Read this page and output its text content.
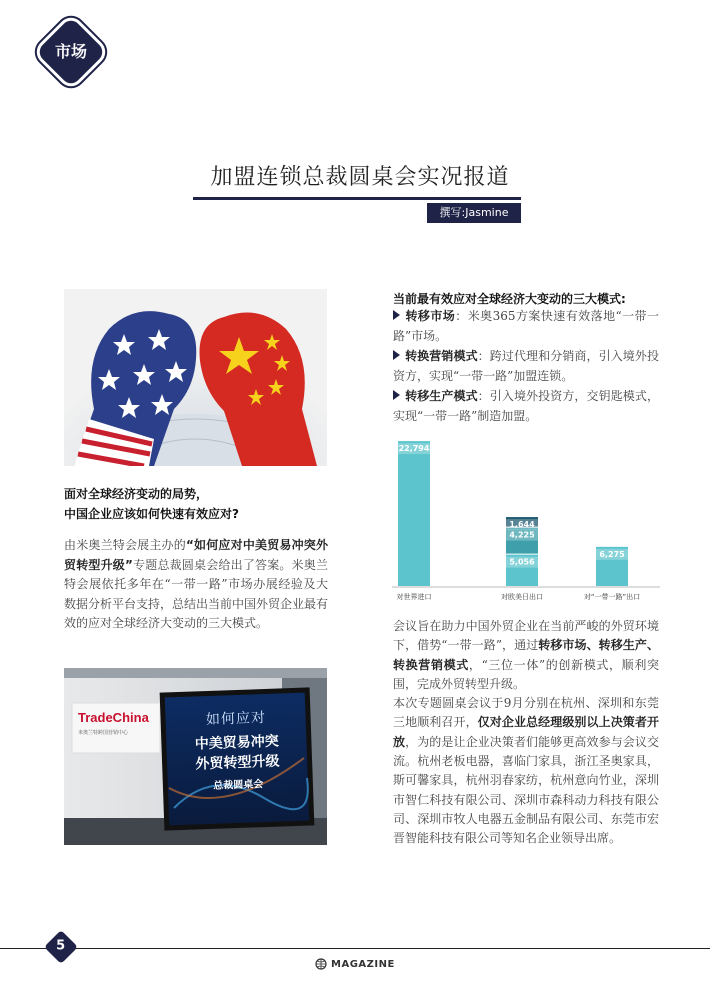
市场
加盟连锁总裁圆桌会实况报道
撰写:Jasmine
面对全球经济变动的局势，
中国企业应该如何快速有效应对?
由米奥兰特会展主办的“如何应对中美贸易冲突外贸转型升级”专题总裁圆桌会给出了答案。米奥兰特会展依托多年在“一带一路”市场办展经验及大数据分析平台支持，总结出当前中国外贸企业最有效的应对全球经济大变动的三大模式。
TradeChina
米奥兰特跨国营销中心
如何应对
中美贸易冲突
外贸转型升级
总裁圆桌会
当前最有效应对全球经济大变动的三大模式:
转移市场：米奥365方案快速有效落地“一带一路”市场。
转换营销模式：跨过代理和分销商，引入境外投资方，实现“一带一路”加盟连锁。
转移生产模式：引入境外投资方，交钥匙模式，实现“一带一路”制造加盟。
对世界进口	对欧美日出口	对“一带一路”出口
22,794
5,056
4,225
1,644
6,275

会议旨在助力中国外贸企业在当前严峻的外贸环境下，借势“一带一路”，通过转移市场、转移生产、转换营销模式，“三位一体”的创新模式，顺利突围，完成外贸转型升级。

本次专题圆桌会议于9月分别在杭州、深圳和东莞三地顺利召开，仅对企业总经理级别以上决策者开放，为的是让企业决策者们能够更高效参与会议交流。杭州老板电器，喜临门家具，浙江圣奥家具，斯可馨家具，杭州羽春家纺，杭州意向竹业，深圳市智仁科技有限公司、深圳市森科动力科技有限公司、深圳市牧人电器五金制品有限公司、东莞市宏晋智能科技有限公司等知名企业领导出席。

5
MAGAZINE
